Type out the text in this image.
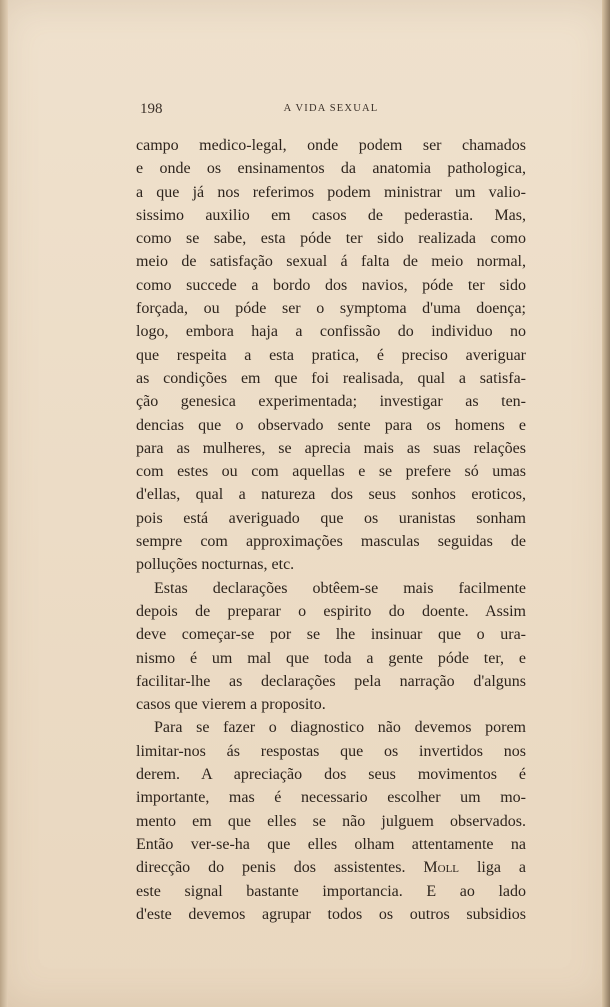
198	A VIDA SEXUAL
campo medico-legal, onde podem ser chamados
e onde os ensinamentos da anatomia pathologica,
a que já nos referimos podem ministrar um valio-
sissimo auxilio em casos de pederastia. Mas,
como se sabe, esta póde ter sido realizada como
meio de satisfação sexual á falta de meio normal,
como succede a bordo dos navios, póde ter sido
forçada, ou póde ser o symptoma d'uma doença;
logo, embora haja a confissão do individuo no
que respeita a esta pratica, é preciso averiguar
as condições em que foi realisada, qual a satisfa-
ção genesica experimentada; investigar as ten-
dencias que o observado sente para os homens e
para as mulheres, se aprecia mais as suas relações
com estes ou com aquellas e se prefere só umas
d'ellas, qual a natureza dos seus sonhos eroticos,
pois está averiguado que os uranistas sonham
sempre com approximações masculas seguidas de
polluções nocturnas, etc.
Estas declarações obtêem-se mais facilmente
depois de preparar o espirito do doente. Assim
deve começar-se por se lhe insinuar que o ura-
nismo é um mal que toda a gente póde ter, e
facilitar-lhe as declarações pela narração d'alguns
casos que vierem a proposito.
Para se fazer o diagnostico não devemos porem
limitar-nos ás respostas que os invertidos nos
derem. A apreciação dos seus movimentos é
importante, mas é necessario escolher um mo-
mento em que elles se não julguem observados.
Então ver-se-ha que elles olham attentamente na
direcção do penis dos assistentes. Moll liga a
este signal bastante importancia. E ao lado
d'este devemos agrupar todos os outros subsidios
